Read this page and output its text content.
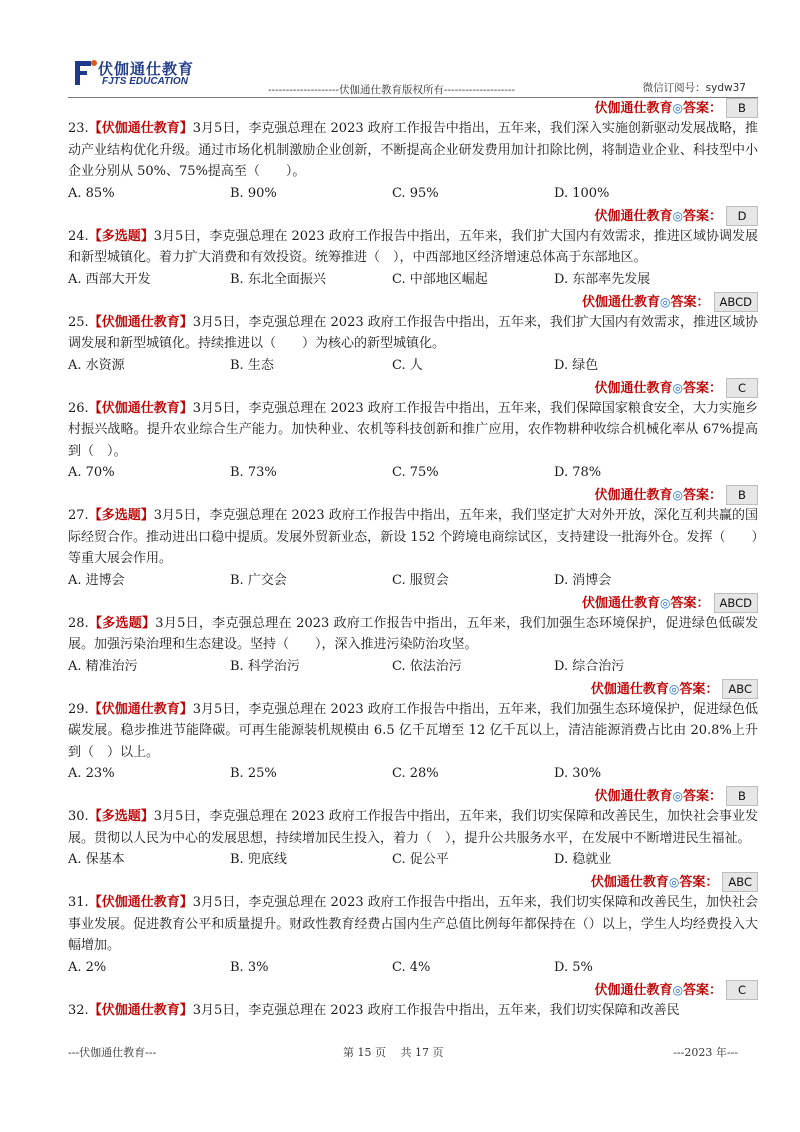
伏伽通仕教育
FJTS EDUCATION
--------------------伏伽通仕教育版权所有--------------------	微信订阅号：sydw37
伏伽通仕教育◎答案： B
23.【伏伽通仕教育】3月5日，李克强总理在 2023 政府工作报告中指出，五年来，我们深入实施创新驱动发展战略，推动产业结构优化升级。通过市场化机制激励企业创新，不断提高企业研发费用加计扣除比例，将制造业企业、科技型中小企业分别从 50%、75%提高至（　　）。
A. 85%	B. 90%	C. 95%	D. 100%
伏伽通仕教育◎答案： D
24.【多选题】3月5日，李克强总理在 2023 政府工作报告中指出，五年来，我们扩大国内有效需求，推进区域协调发展和新型城镇化。着力扩大消费和有效投资。统筹推进（　），中西部地区经济增速总体高于东部地区。
A. 西部大开发	B. 东北全面振兴	C. 中部地区崛起	D. 东部率先发展
伏伽通仕教育◎答案： ABCD
25.【伏伽通仕教育】3月5日，李克强总理在 2023 政府工作报告中指出，五年来，我们扩大国内有效需求，推进区域协调发展和新型城镇化。持续推进以（　　）为核心的新型城镇化。
A. 水资源	B. 生态	C. 人	D. 绿色
伏伽通仕教育◎答案： C
26.【伏伽通仕教育】3月5日，李克强总理在 2023 政府工作报告中指出，五年来，我们保障国家粮食安全，大力实施乡村振兴战略。提升农业综合生产能力。加快种业、农机等科技创新和推广应用，农作物耕种收综合机械化率从 67%提高到（　）。
A. 70%	B. 73%	C. 75%	D. 78%
伏伽通仕教育◎答案： B
27.【多选题】3月5日，李克强总理在 2023 政府工作报告中指出，五年来，我们坚定扩大对外开放，深化互利共赢的国际经贸合作。推动进出口稳中提质。发展外贸新业态，新设 152 个跨境电商综试区，支持建设一批海外仓。发挥（　　）等重大展会作用。
A. 进博会	B. 广交会	C. 服贸会	D. 消博会
伏伽通仕教育◎答案： ABCD
28.【多选题】3月5日，李克强总理在 2023 政府工作报告中指出，五年来，我们加强生态环境保护，促进绿色低碳发展。加强污染治理和生态建设。坚持（　　），深入推进污染防治攻坚。
A. 精准治污	B. 科学治污	C. 依法治污	D. 综合治污
伏伽通仕教育◎答案： ABC
29.【伏伽通仕教育】3月5日，李克强总理在 2023 政府工作报告中指出，五年来，我们加强生态环境保护，促进绿色低碳发展。稳步推进节能降碳。可再生能源装机规模由 6.5 亿千瓦增至 12 亿千瓦以上，清洁能源消费占比由 20.8%上升到（　）以上。
A. 23%	B. 25%	C. 28%	D. 30%
伏伽通仕教育◎答案： B
30.【多选题】3月5日，李克强总理在 2023 政府工作报告中指出，五年来，我们切实保障和改善民生，加快社会事业发展。贯彻以人民为中心的发展思想，持续增加民生投入，着力（　），提升公共服务水平，在发展中不断增进民生福祉。
A. 保基本	B. 兜底线	C. 促公平	D. 稳就业
伏伽通仕教育◎答案： ABC
31.【伏伽通仕教育】3月5日，李克强总理在 2023 政府工作报告中指出，五年来，我们切实保障和改善民生，加快社会事业发展。促进教育公平和质量提升。财政性教育经费占国内生产总值比例每年都保持在（）以上，学生人均经费投入大幅增加。
A. 2%	B. 3%	C. 4%	D. 5%
伏伽通仕教育◎答案： C
32.【伏伽通仕教育】3月5日，李克强总理在 2023 政府工作报告中指出，五年来，我们切实保障和改善民
---伏伽通仕教育---	第 15 页　 共 17 页	---2023 年---
